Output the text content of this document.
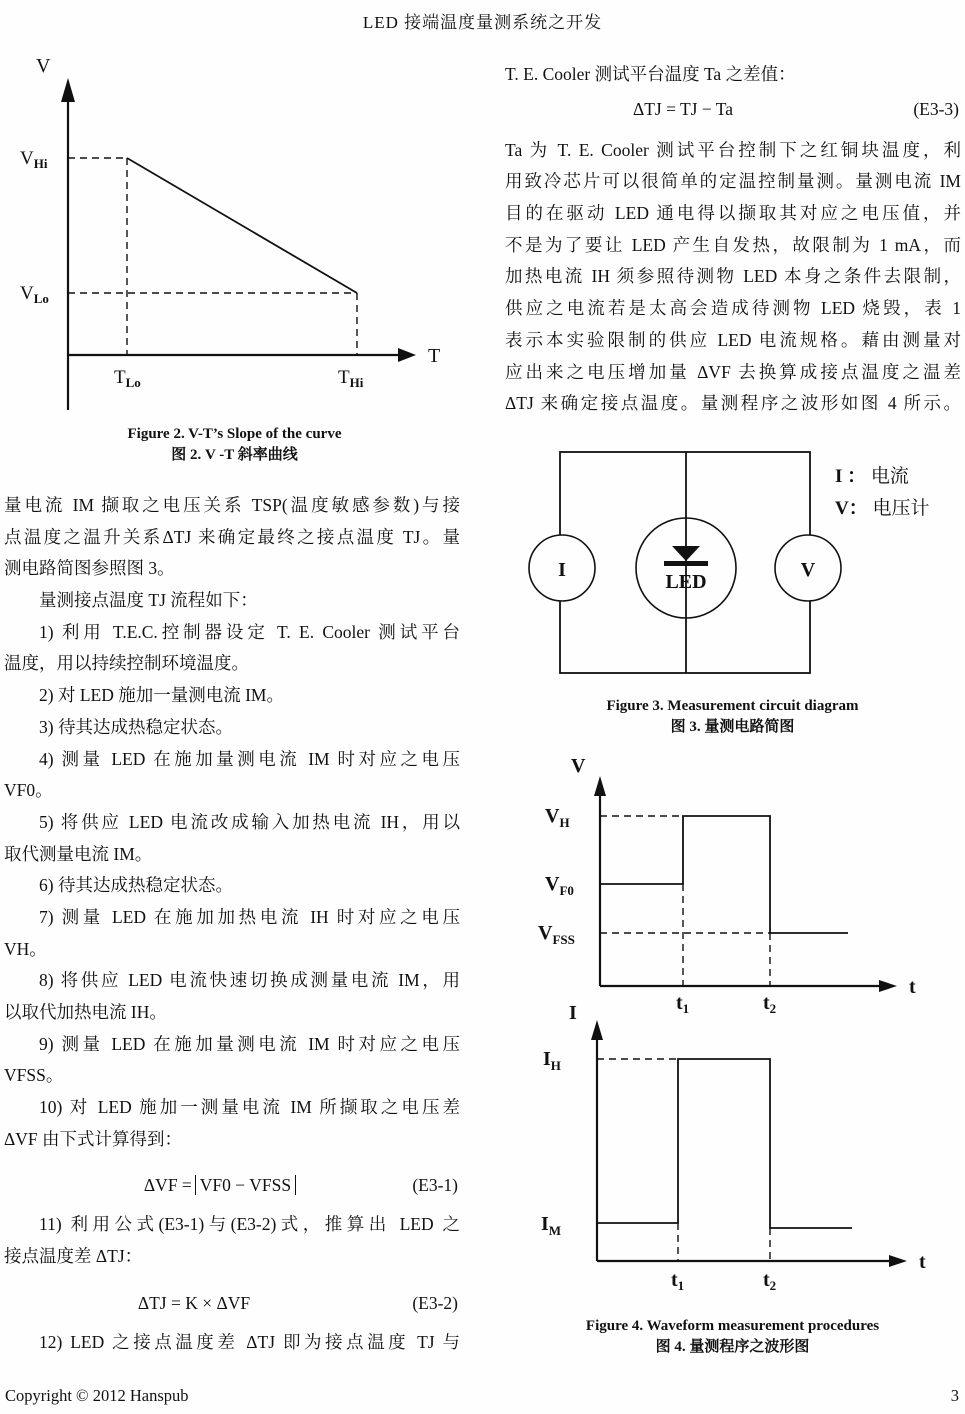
LED 接端温度量测系统之开发
V
T
$V_{Hi}$
$V_{Lo}$
$T_{Lo}$	$T_{Hi}$
Figure 2. V-T’s Slope of the curve
图 2. V -T 斜率曲线
量电流 IM 撷取之电压关系 TSP(温度敏感参数)与接
点温度之温升关系ΔTJ 来确定最终之接点温度 TJ。量
测电路简图参照图 3。
量测接点温度 TJ 流程如下：
1) 利用 T.E.C.控制器设定 T. E. Cooler 测试平台
温度，用以持续控制环境温度。
2) 对 LED 施加一量测电流 IM。
3) 待其达成热稳定状态。
4) 测量 LED 在施加量测电流 IM 时对应之电压
VF0。
5) 将供应 LED 电流改成输入加热电流 IH，用以
取代测量电流 IM。
6) 待其达成热稳定状态。
7) 测量 LED 在施加加热电流 IH 时对应之电压
VH。
8) 将供应 LED 电流快速切换成测量电流 IM，用
以取代加热电流 IH。
9) 测量 LED 在施加量测电流 IM 时对应之电压
VFSS。
10) 对 LED 施加一测量电流 IM 所撷取之电压差
ΔVF 由下式计算得到：
ΔVF = VF0 − VFSS	(E3-1)
11) 利用公式(E3-1)与(E3-2)式，推算出 LED 之
接点温度差 ΔTJ：
ΔTJ = K × ΔVF	(E3-2)
12) LED 之接点温度差 ΔTJ 即为接点温度 TJ 与
T. E. Cooler 测试平台温度 Ta 之差值：
ΔTJ = TJ − Ta	(E3-3)
Ta 为 T. E. Cooler 测试平台控制下之红铜块温度，利
用致冷芯片可以很简单的定温控制量测。量测电流 IM
目的在驱动 LED 通电得以撷取其对应之电压值，并
不是为了要让 LED 产生自发热，故限制为 1 mA，而
加热电流 IH 须参照待测物 LED 本身之条件去限制，
供应之电流若是太高会造成待测物 LED 烧毁，表 1
表示本实验限制的供应 LED 电流规格。藉由测量对
应出来之电压增加量 ΔVF 去换算成接点温度之温差
ΔTJ 来确定接点温度。量测程序之波形如图 4 所示。
I
LED
V
I ： 电流
V： 电压计
Figure 3. Measurement circuit diagram
图 3. 量测电路简图
V
t
$V_H$
$V_{F0}$
$V_{FSS}$
$t_1$	$t_2$
I
t
$I_H$
$I_M$
$t_1$	$t_2$
Figure 4. Waveform measurement procedures
图 4. 量测程序之波形图
Copyright © 2012 Hanspub	3
